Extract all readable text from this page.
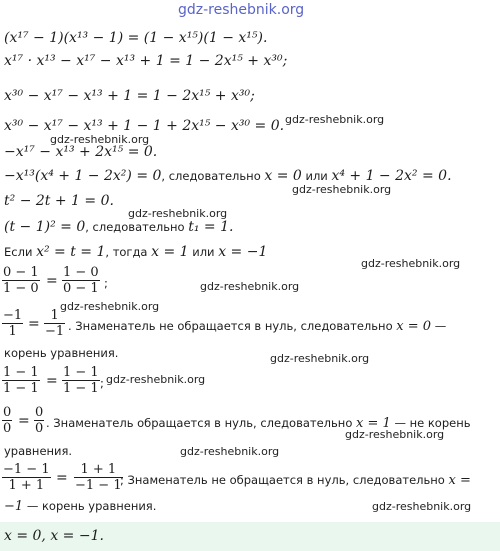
gdz-reshebnik.org
(x¹⁷ − 1)(x¹³ − 1) = (1 − x¹⁵)(1 − x¹⁵).
x¹⁷ · x¹³ − x¹⁷ − x¹³ + 1 = 1 − 2x¹⁵ + x³⁰;
x³⁰ − x¹⁷ − x¹³ + 1 = 1 − 2x¹⁵ + x³⁰;
gdz-reshebnik.org
x³⁰ − x¹⁷ − x¹³ + 1 − 1 + 2x¹⁵ − x³⁰ = 0.
gdz-reshebnik.org
−x¹⁷ − x¹³ + 2x¹⁵ = 0.
−x¹³(x⁴ + 1 − 2x²) = 0, следовательно x = 0 или x⁴ + 1 − 2x² = 0.
gdz-reshebnik.org
t² − 2t + 1 = 0.
gdz-reshebnik.org
(t − 1)² = 0, следовательно t₁ = 1.
Если x² = t = 1, тогда x = 1 или x = −1
gdz-reshebnik.org
$\frac{0 - 1}{1 - 0} = \frac{1 - 0}{0 - 1}$ ;	gdz-reshebnik.org
gdz-reshebnik.org
$\frac{-1}{1} = \frac{1}{-1}$ . Знаменатель не обращается в нуль, следовательно x = 0 —
корень уравнения.	gdz-reshebnik.org
$\frac{1 - 1}{1 - 1} = \frac{1 - 1}{1 - 1}$ ; gdz-reshebnik.org
$\frac{0}{0} = \frac{0}{0}$ . Знаменатель обращается в нуль, следовательно x = 1 — не корень
gdz-reshebnik.org
уравнения.	gdz-reshebnik.org
$\frac{-1 - 1}{1 + 1} = \frac{1 + 1}{-1 - 1}$
; Знаменатель не обращается в нуль, следовательно x =
−1 — корень уравнения.	gdz-reshebnik.org
x = 0, x = −1.
